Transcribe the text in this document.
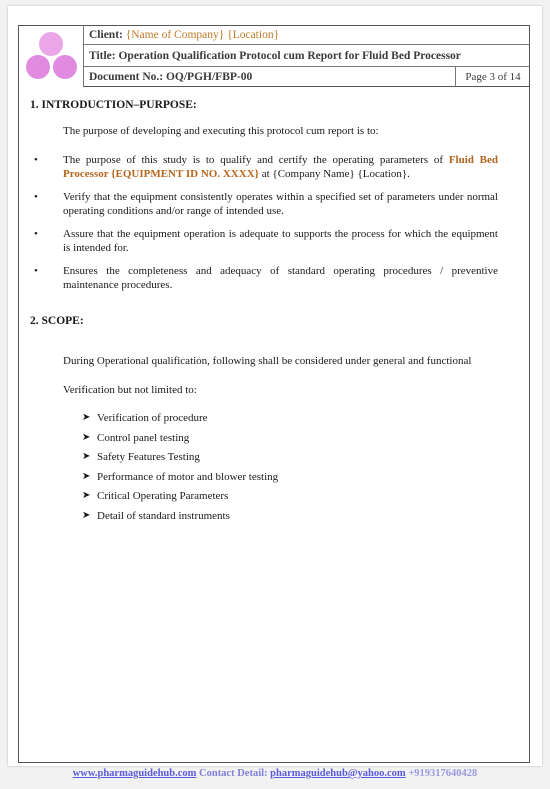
Client: {Name of Company} {Location}
Title: Operation Qualification Protocol cum Report for Fluid Bed Processor
Document No.: OQ/PGH/FBP-00	Page 3 of 14
1. INTRODUCTION–PURPOSE:

The purpose of developing and executing this protocol cum report is to:

• The purpose of this study is to qualify and certify the operating parameters of Fluid Bed Processor {EQUIPMENT ID NO. XXXX} at {Company Name} {Location}.
• Verify that the equipment consistently operates within a specified set of parameters under normal operating conditions and/or range of intended use.
• Assure that the equipment operation is adequate to supports the process for which the equipment is intended for.
• Ensures the completeness and adequacy of standard operating procedures / preventive maintenance procedures.
2. SCOPE:

During Operational qualification, following shall be considered under general and functional

Verification but not limited to:

➤ Verification of procedure
➤ Control panel testing
➤ Safety Features Testing
➤ Performance of motor and blower testing
➤ Critical Operating Parameters
➤ Detail of standard instruments
www.pharmaguidehub.com Contact Detail: pharmaguidehub@yahoo.com +919317640428
